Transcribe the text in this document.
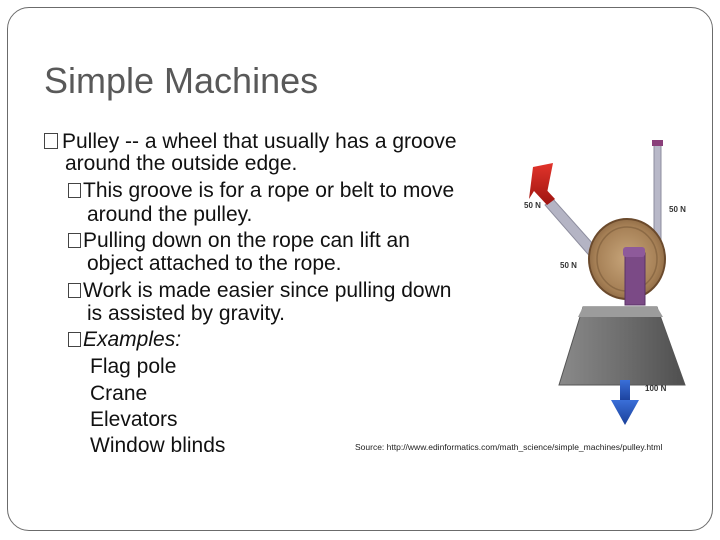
Simple Machines
Pulley -- a wheel that usually has a groove
around the outside edge.
This groove is for a rope or belt to move
around the pulley.
Pulling down on the rope can lift an
object attached to the rope.
Work is made easier since pulling down
is assisted by gravity.
Examples:
Flag pole
Crane
Elevators
Window blinds
50 N
50 N
50 N
100 N
Source: http://www.edinformatics.com/math_science/simple_machines/pulley.html
